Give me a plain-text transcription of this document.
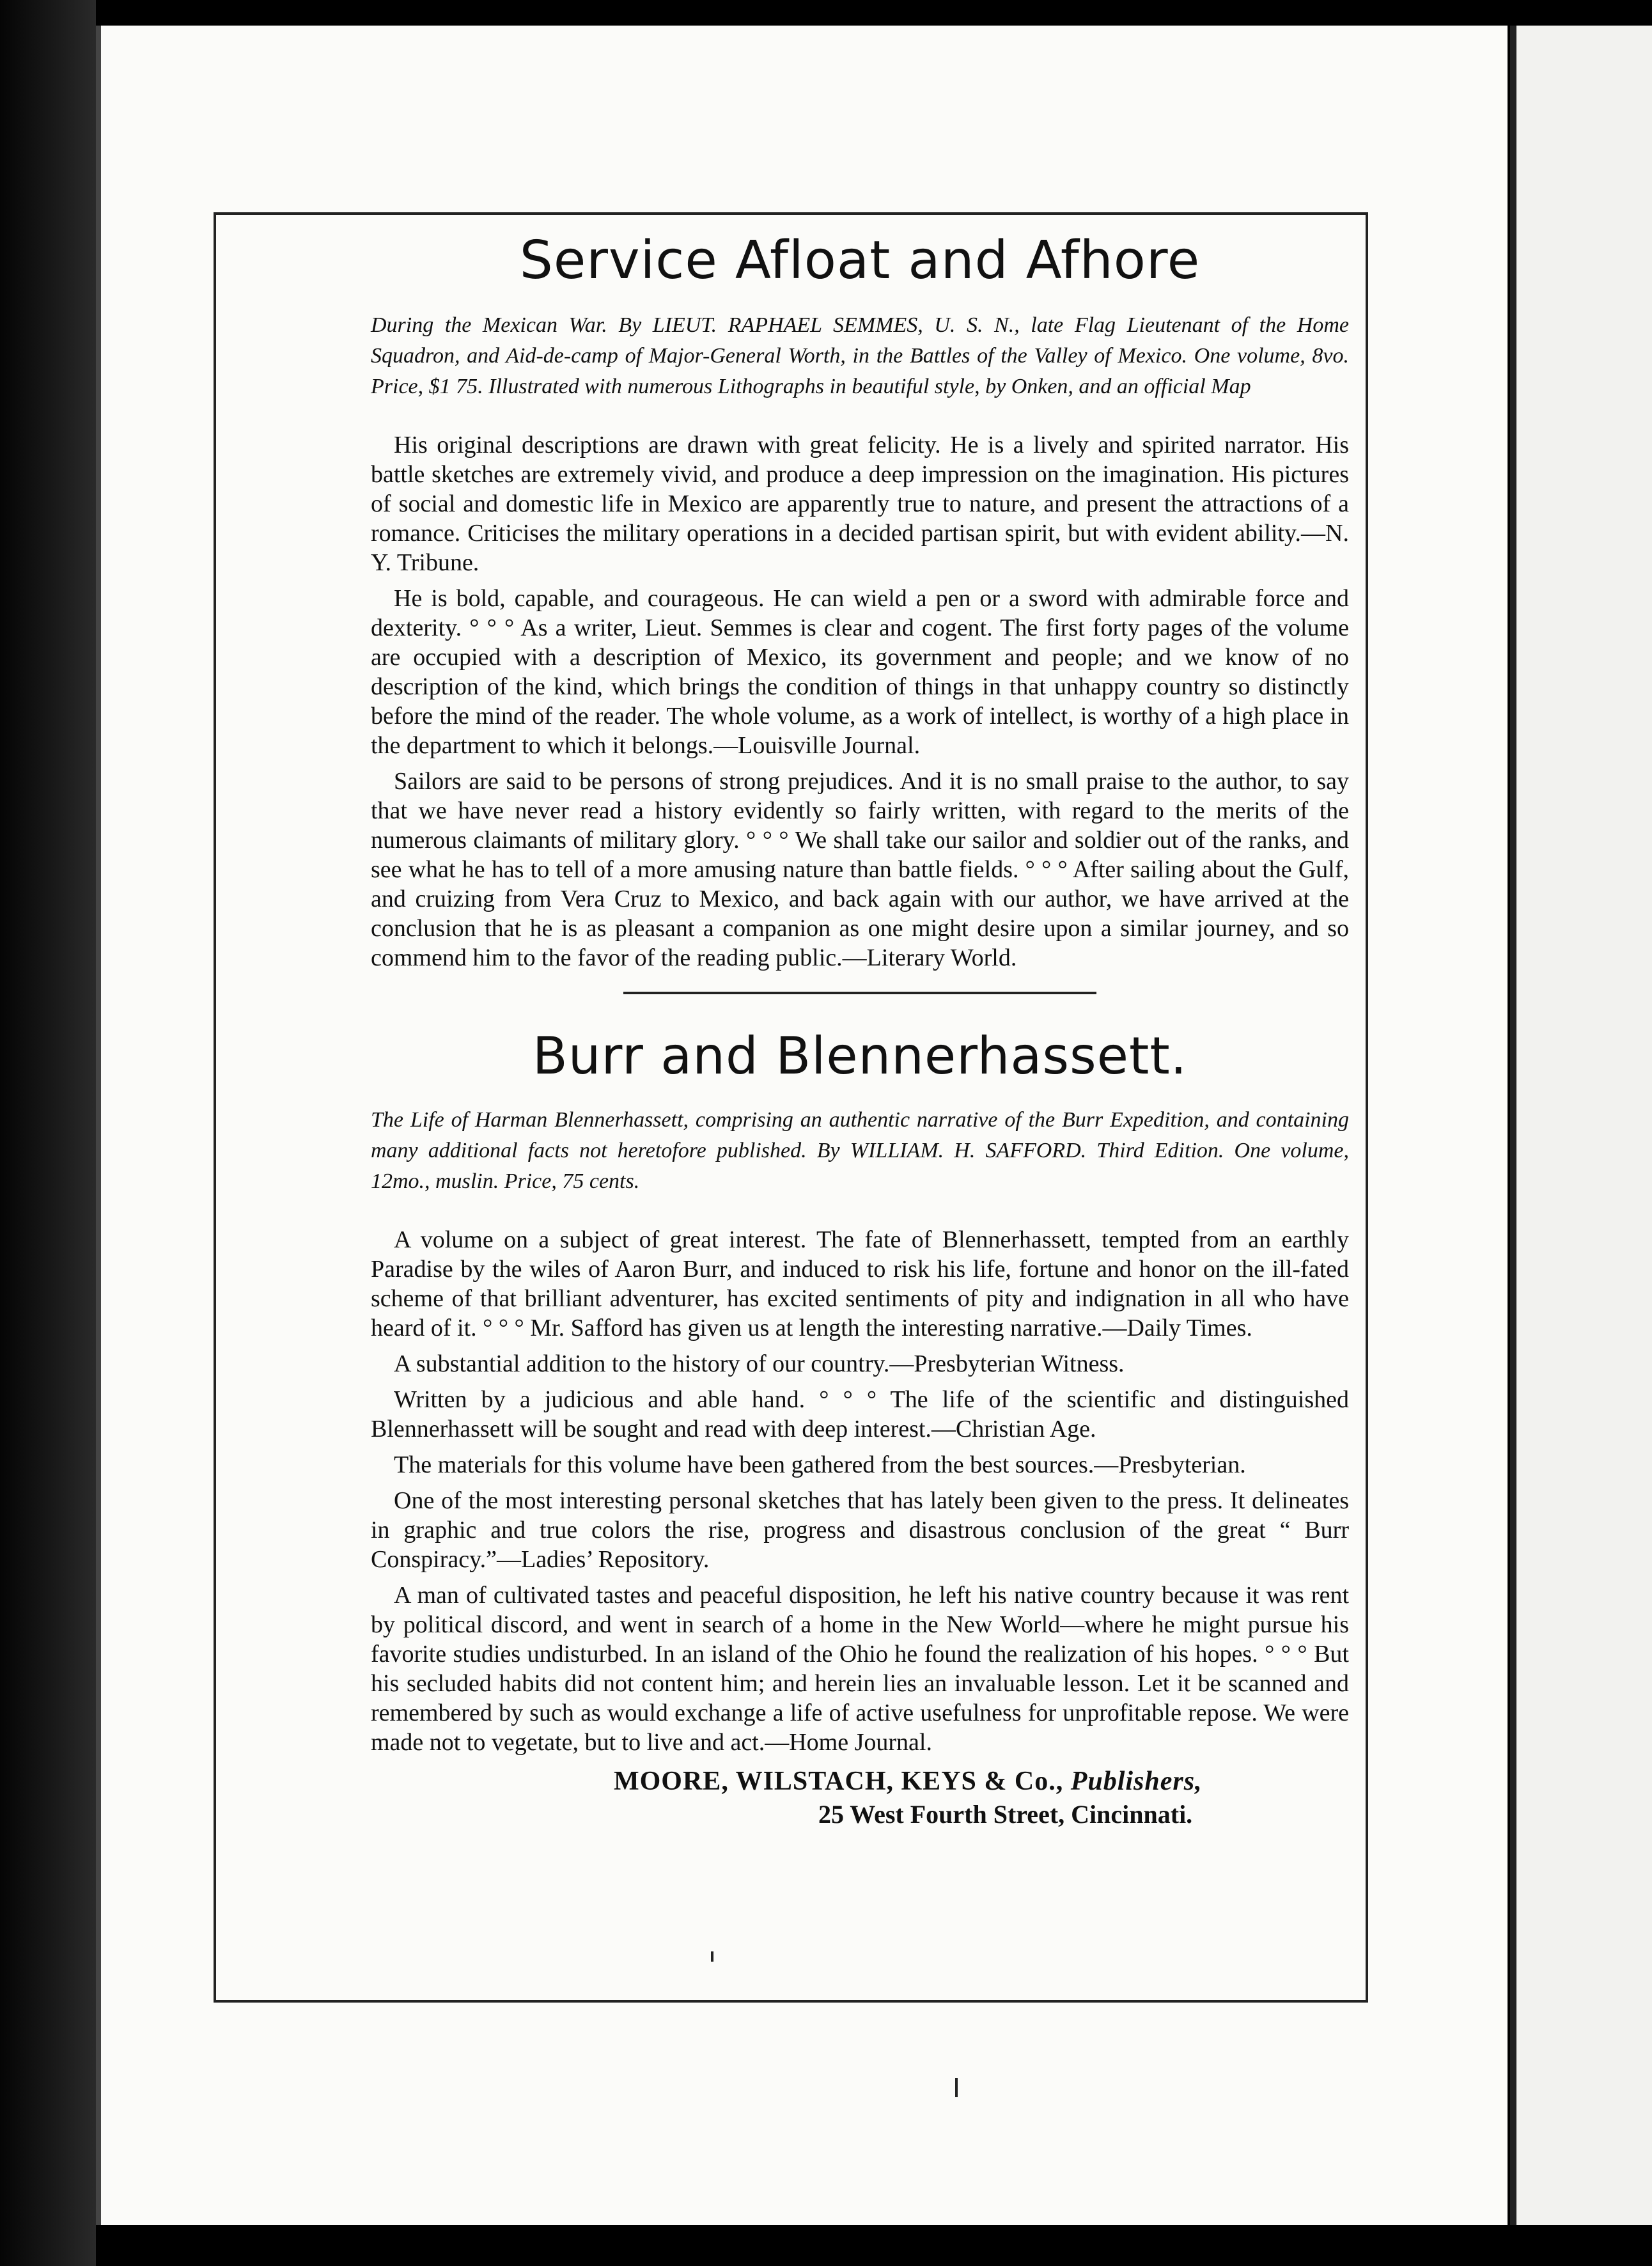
Service Afloat and Afhore

During the Mexican War. By LIEUT. RAPHAEL SEMMES, U. S. N., late Flag Lieutenant of the Home Squadron, and Aid-de-camp of Major-General Worth, in the Battles of the Valley of Mexico. One volume, 8vo. Price, $1 75. Illustrated with numerous Lithographs in beautiful style, by Onken, and an official Map

His original descriptions are drawn with great felicity. He is a lively and spirited narrator. His battle sketches are extremely vivid, and produce a deep impression on the imagination. His pictures of social and domestic life in Mexico are apparently true to nature, and present the attractions of a romance. Criticises the military operations in a decided partisan spirit, but with evident ability.—N. Y. Tribune.

He is bold, capable, and courageous. He can wield a pen or a sword with admirable force and dexterity. ° ° ° As a writer, Lieut. Semmes is clear and cogent. The first forty pages of the volume are occupied with a description of Mexico, its government and people; and we know of no description of the kind, which brings the condition of things in that unhappy country so distinctly before the mind of the reader. The whole volume, as a work of intellect, is worthy of a high place in the department to which it belongs.—Louisville Journal.

Sailors are said to be persons of strong prejudices. And it is no small praise to the author, to say that we have never read a history evidently so fairly written, with regard to the merits of the numerous claimants of military glory. ° ° ° We shall take our sailor and soldier out of the ranks, and see what he has to tell of a more amusing nature than battle fields. ° ° ° After sailing about the Gulf, and cruizing from Vera Cruz to Mexico, and back again with our author, we have arrived at the conclusion that he is as pleasant a companion as one might desire upon a similar journey, and so commend him to the favor of the reading public.—Literary World.

Burr and Blennerhassett.

The Life of Harman Blennerhassett, comprising an authentic narrative of the Burr Expedition, and containing many additional facts not heretofore published. By WILLIAM. H. SAFFORD. Third Edition. One volume, 12mo., muslin. Price, 75 cents.

A volume on a subject of great interest. The fate of Blennerhassett, tempted from an earthly Paradise by the wiles of Aaron Burr, and induced to risk his life, fortune and honor on the ill-fated scheme of that brilliant adventurer, has excited sentiments of pity and indignation in all who have heard of it. ° ° ° Mr. Safford has given us at length the interesting narrative.—Daily Times.

A substantial addition to the history of our country.—Presbyterian Witness.

Written by a judicious and able hand. ° ° ° The life of the scientific and distinguished Blennerhassett will be sought and read with deep interest.—Christian Age.

The materials for this volume have been gathered from the best sources.—Presbyterian.

One of the most interesting personal sketches that has lately been given to the press. It delineates in graphic and true colors the rise, progress and disastrous conclusion of the great “ Burr Conspiracy.”—Ladies’ Repository.

A man of cultivated tastes and peaceful disposition, he left his native country because it was rent by political discord, and went in search of a home in the New World—where he might pursue his favorite studies undisturbed. In an island of the Ohio he found the realization of his hopes. ° ° ° But his secluded habits did not content him; and herein lies an invaluable lesson. Let it be scanned and remembered by such as would exchange a life of active usefulness for unprofitable repose. We were made not to vegetate, but to live and act.—Home Journal.

MOORE, WILSTACH, KEYS & Co., Publishers,
25 West Fourth Street, Cincinnati.
